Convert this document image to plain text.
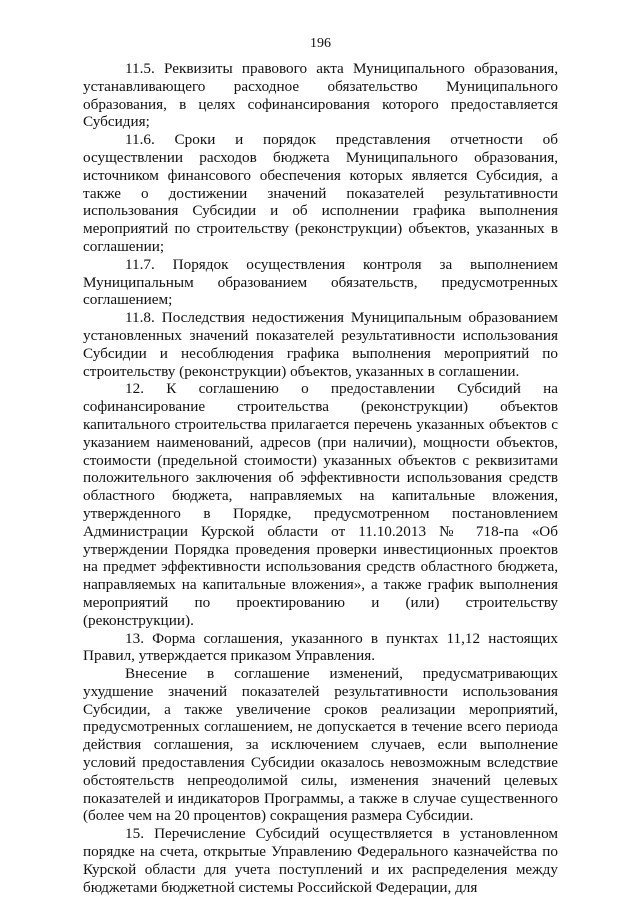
196

11.5. Реквизиты правового акта Муниципального образования, устанавливающего расходное обязательство Муниципального образования, в целях софинансирования которого предоставляется Субсидия;

11.6. Сроки и порядок представления отчетности об осуществлении расходов бюджета Муниципального образования, источником финансового обеспечения которых является Субсидия, а также о достижении значений показателей результативности использования Субсидии и об исполнении графика выполнения мероприятий по строительству (реконструкции) объектов, указанных в соглашении;

11.7. Порядок осуществления контроля за выполнением Муниципальным образованием обязательств, предусмотренных соглашением;

11.8. Последствия недостижения Муниципальным образованием установленных значений показателей результативности использования Субсидии и несоблюдения графика выполнения мероприятий по строительству (реконструкции) объектов, указанных в соглашении.

12. К соглашению о предоставлении Субсидий на софинансирование строительства (реконструкции) объектов капитального строительства прилагается перечень указанных объектов с указанием наименований, адресов (при наличии), мощности объектов, стоимости (предельной стоимости) указанных объектов с реквизитами положительного заключения об эффективности использования средств областного бюджета, направляемых на капитальные вложения, утвержденного в Порядке, предусмотренном постановлением Администрации Курской области от 11.10.2013 № 718-па «Об утверждении Порядка проведения проверки инвестиционных проектов на предмет эффективности использования средств областного бюджета, направляемых на капитальные вложения», а также график выполнения мероприятий по проектированию и (или) строительству (реконструкции).

13. Форма соглашения, указанного в пунктах 11,12 настоящих Правил, утверждается приказом Управления.

Внесение в соглашение изменений, предусматривающих ухудшение значений показателей результативности использования Субсидии, а также увеличение сроков реализации мероприятий, предусмотренных соглашением, не допускается в течение всего периода действия соглашения, за исключением случаев, если выполнение условий предоставления Субсидии оказалось невозможным вследствие обстоятельств непреодолимой силы, изменения значений целевых показателей и индикаторов Программы, а также в случае существенного (более чем на 20 процентов) сокращения размера Субсидии.

15. Перечисление Субсидий осуществляется в установленном порядке на счета, открытые Управлению Федерального казначейства по Курской области для учета поступлений и их распределения между бюджетами бюджетной системы Российской Федерации, для
